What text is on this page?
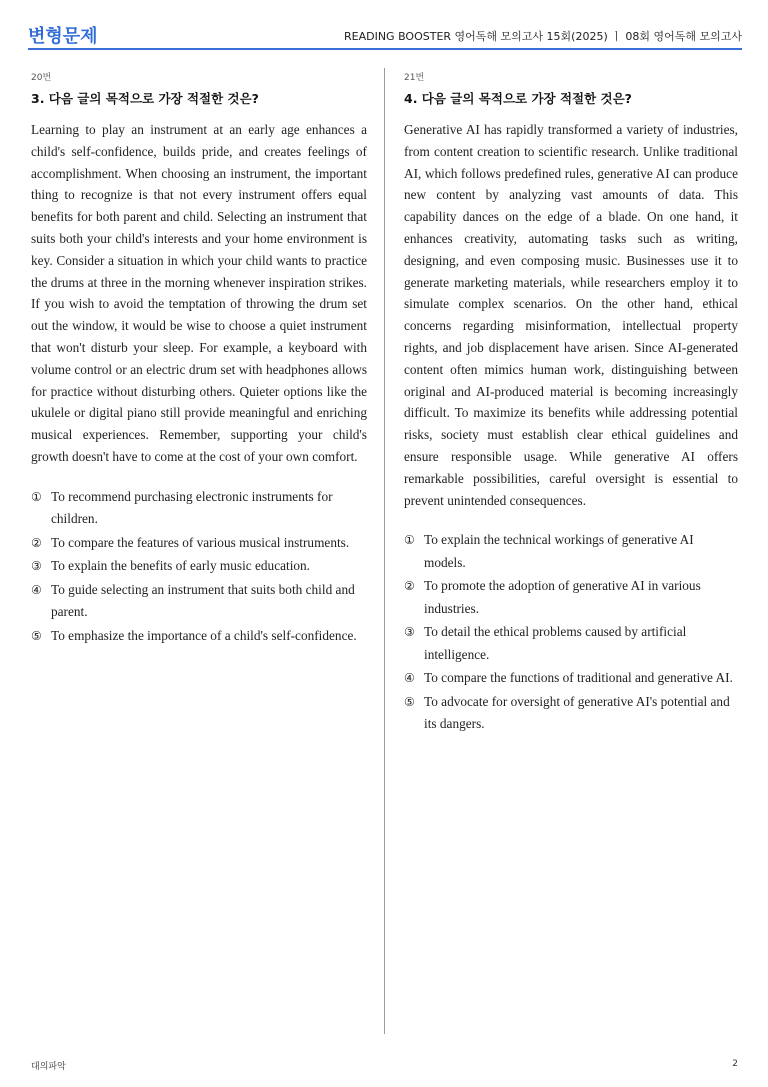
변형문제	READING BOOSTER 영어독해 모의고사 15회(2025) ㅣ 08회 영어독해 모의고사
20번
3. 다음 글의 목적으로 가장 적절한 것은?

Learning to play an instrument at an early age enhances a child's self-confidence, builds pride, and creates feelings of accomplishment. When choosing an instrument, the important thing to recognize is that not every instrument offers equal benefits for both parent and child. Selecting an instrument that suits both your child's interests and your home environment is key. Consider a situation in which your child wants to practice the drums at three in the morning whenever inspiration strikes. If you wish to avoid the temptation of throwing the drum set out the window, it would be wise to choose a quiet instrument that won't disturb your sleep. For example, a keyboard with volume control or an electric drum set with headphones allows for practice without disturbing others. Quieter options like the ukulele or digital piano still provide meaningful and enriching musical experiences. Remember, supporting your child's growth doesn't have to come at the cost of your own comfort.

① To recommend purchasing electronic instruments for children.
② To compare the features of various musical instruments.
③ To explain the benefits of early music education.
④ To guide selecting an instrument that suits both child and parent.
⑤ To emphasize the importance of a child's self-confidence.
21번
4. 다음 글의 목적으로 가장 적절한 것은?

Generative AI has rapidly transformed a variety of industries, from content creation to scientific research. Unlike traditional AI, which follows predefined rules, generative AI can produce new content by analyzing vast amounts of data. This capability dances on the edge of a blade. On one hand, it enhances creativity, automating tasks such as writing, designing, and even composing music. Businesses use it to generate marketing materials, while researchers employ it to simulate complex scenarios. On the other hand, ethical concerns regarding misinformation, intellectual property rights, and job displacement have arisen. Since AI-generated content often mimics human work, distinguishing between original and AI-produced material is becoming increasingly difficult. To maximize its benefits while addressing potential risks, society must establish clear ethical guidelines and ensure responsible usage. While generative AI offers remarkable possibilities, careful oversight is essential to prevent unintended consequences.

① To explain the technical workings of generative AI models.
② To promote the adoption of generative AI in various industries.
③ To detail the ethical problems caused by artificial intelligence.
④ To compare the functions of traditional and generative AI.
⑤ To advocate for oversight of generative AI's potential and its dangers.
대의파악	2
